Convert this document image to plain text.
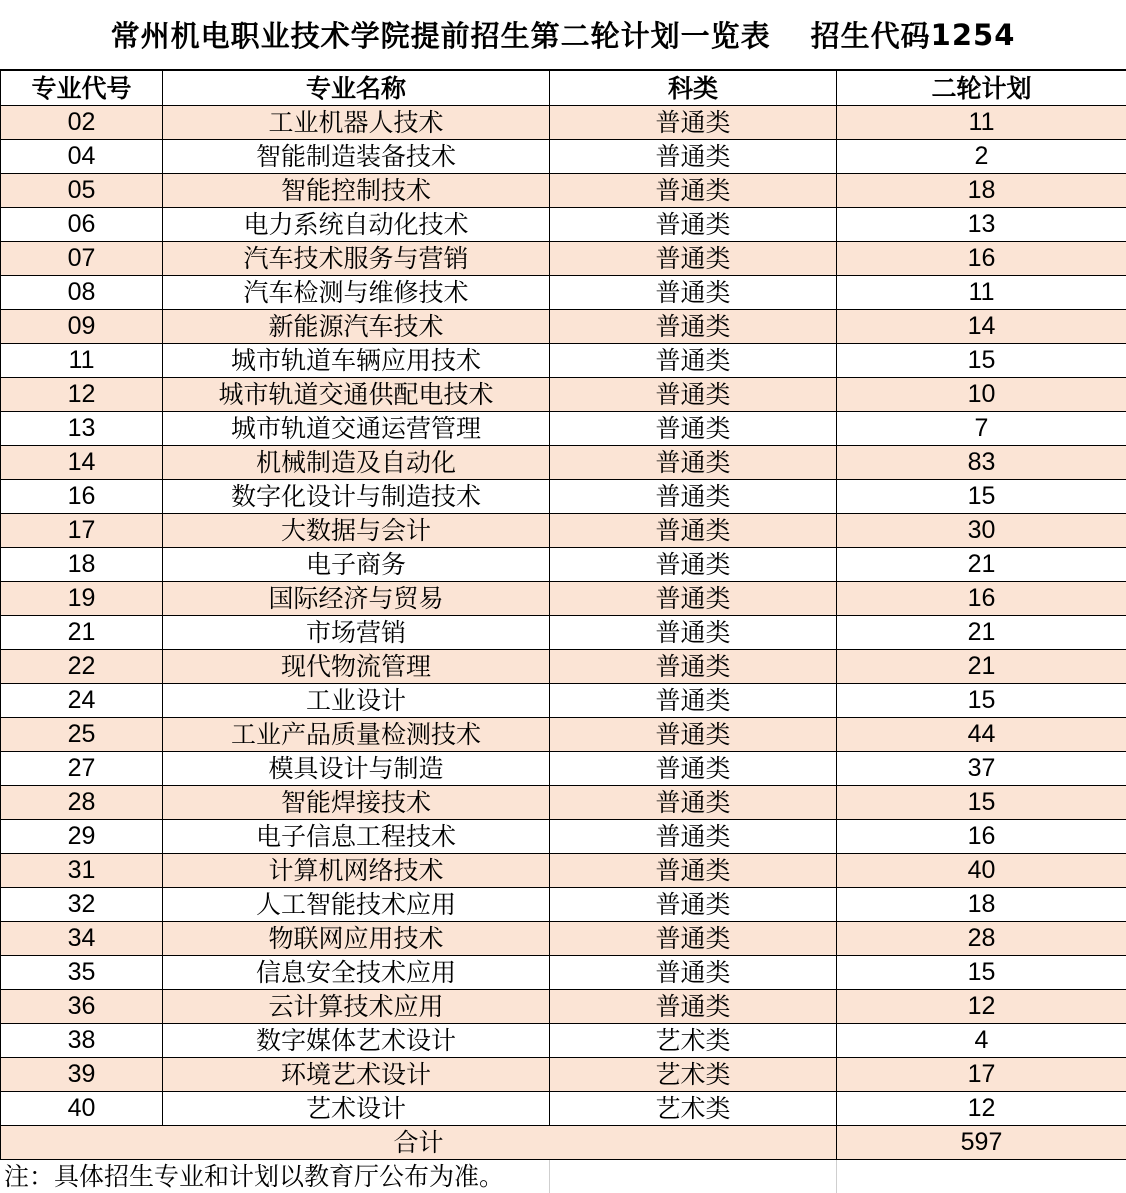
常州机电职业技术学院提前招生第二轮计划一览表 招生代码 1254
专业代号	专业名称	科类	二轮计划
02	工业机器人技术	普通类	11
04	智能制造装备技术	普通类	2
05	智能控制技术	普通类	18
06	电力系统自动化技术	普通类	13
07	汽车技术服务与营销	普通类	16
08	汽车检测与维修技术	普通类	11
09	新能源汽车技术	普通类	14
11	城市轨道车辆应用技术	普通类	15
12	城市轨道交通供配电技术	普通类	10
13	城市轨道交通运营管理	普通类	7
14	机械制造及自动化	普通类	83
16	数字化设计与制造技术	普通类	15
17	大数据与会计	普通类	30
18	电子商务	普通类	21
19	国际经济与贸易	普通类	16
21	市场营销	普通类	21
22	现代物流管理	普通类	21
24	工业设计	普通类	15
25	工业产品质量检测技术	普通类	44
27	模具设计与制造	普通类	37
28	智能焊接技术	普通类	15
29	电子信息工程技术	普通类	16
31	计算机网络技术	普通类	40
32	人工智能技术应用	普通类	18
34	物联网应用技术	普通类	28
35	信息安全技术应用	普通类	15
36	云计算技术应用	普通类	12
38	数字媒体艺术设计	艺术类	4
39	环境艺术设计	艺术类	17
40	艺术设计	艺术类	12
合计			597
注：具体招生专业和计划以教育厅公布为准。
